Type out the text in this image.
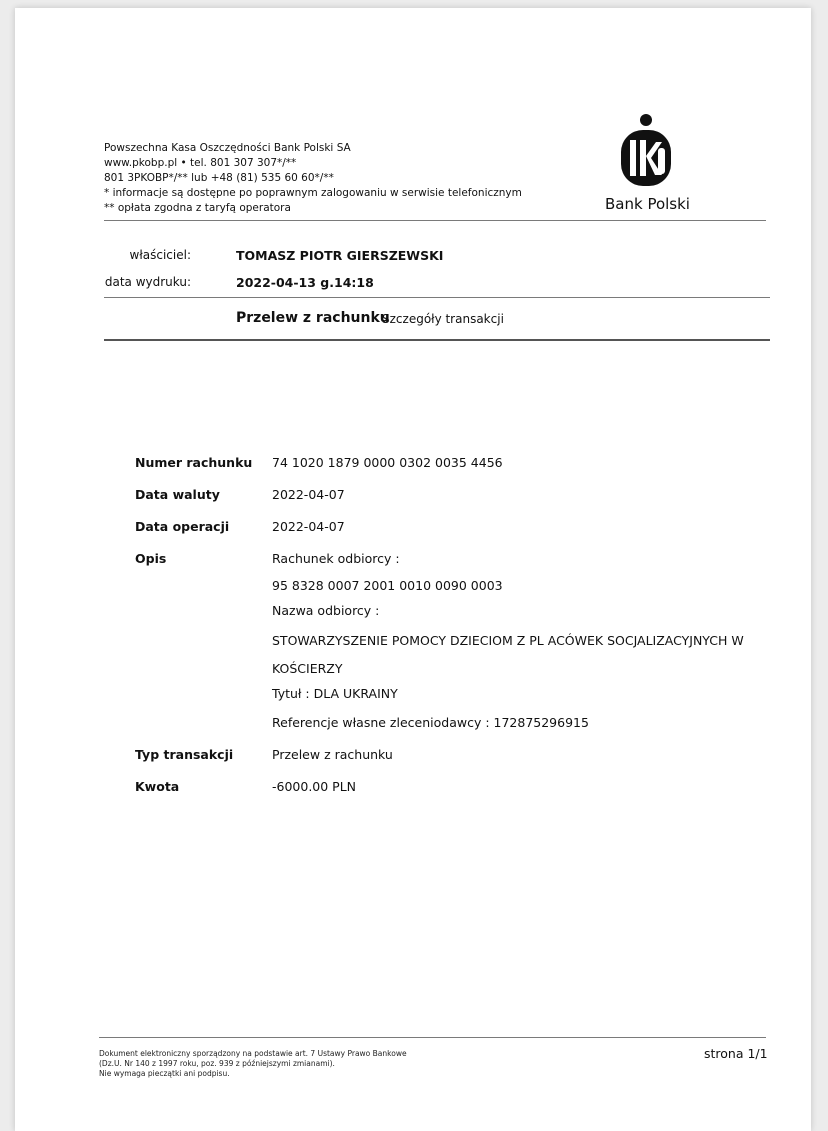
Powszechna Kasa Oszczędności Bank Polski SA
www.pkobp.pl • tel. 801 307 307*/**
801 3PKOBP*/** lub +48 (81) 535 60 60*/**
* informacje są dostępne po poprawnym zalogowaniu w serwisie telefonicznym
** opłata zgodna z taryfą operatora	Bank Polski
właściciel:	TOMASZ PIOTR GIERSZEWSKI
data wydruku:	2022-04-13 g.14:18
Przelew z rachunku
Szczegóły transakcji
Numer rachunku 74 1020 1879 0000 0302 0035 4456
Data waluty	2022-04-07
Data operacji	2022-04-07
Opis	Rachunek odbiorcy :
95 8328 0007 2001 0010 0090 0003
Nazwa odbiorcy :
STOWARZYSZENIE POMOCY DZIECIOM Z PL ACÓWEK SOCJALIZACYJNYCH W
KOŚCIERZY
Tytuł : DLA UKRAINY
Referencje własne zleceniodawcy : 172875296915
Typ transakcji	Przelew z rachunku
Kwota	-6000.00 PLN
Dokument elektroniczny sporządzony na podstawie art. 7 Ustawy Prawo Bankowe
(Dz.U. Nr 140 z 1997 roku, poz. 939 z późniejszymi zmianami).
Nie wymaga pieczątki ani podpisu.
strona 1/1
